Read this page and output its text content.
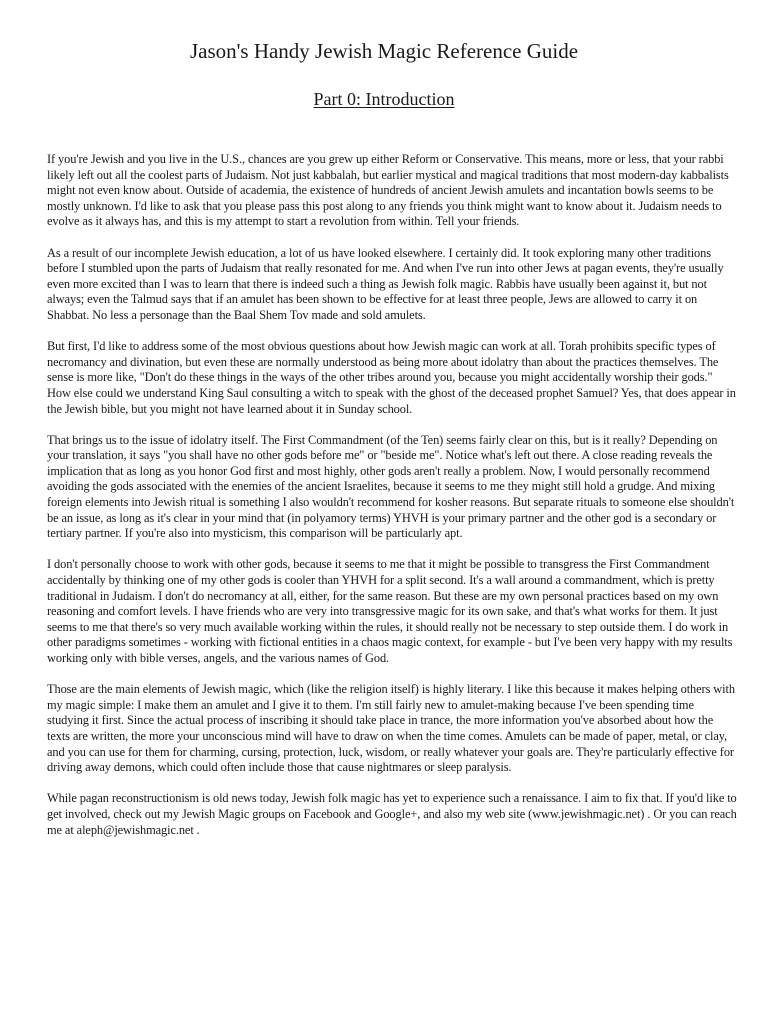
Jason's Handy Jewish Magic Reference Guide
Part 0: Introduction

If you're Jewish and you live in the U.S., chances are you grew up either Reform or Conservative. This means, more or less, that your rabbi likely left out all the coolest parts of Judaism. Not just kabbalah, but earlier mystical and magical traditions that most modern-day kabbalists might not even know about. Outside of academia, the existence of hundreds of ancient Jewish amulets and incantation bowls seems to be mostly unknown. I'd like to ask that you please pass this post along to any friends you think might want to know about it. Judaism needs to evolve as it always has, and this is my attempt to start a revolution from within. Tell your friends.

As a result of our incomplete Jewish education, a lot of us have looked elsewhere. I certainly did. It took exploring many other traditions before I stumbled upon the parts of Judaism that really resonated for me. And when I've run into other Jews at pagan events, they're usually even more excited than I was to learn that there is indeed such a thing as Jewish folk magic. Rabbis have usually been against it, but not always; even the Talmud says that if an amulet has been shown to be effective for at least three people, Jews are allowed to carry it on Shabbat. No less a personage than the Baal Shem Tov made and sold amulets.

But first, I'd like to address some of the most obvious questions about how Jewish magic can work at all. Torah prohibits specific types of necromancy and divination, but even these are normally understood as being more about idolatry than about the practices themselves. The sense is more like, "Don't do these things in the ways of the other tribes around you, because you might accidentally worship their gods." How else could we understand King Saul consulting a witch to speak with the ghost of the deceased prophet Samuel? Yes, that does appear in the Jewish bible, but you might not have learned about it in Sunday school.

That brings us to the issue of idolatry itself. The First Commandment (of the Ten) seems fairly clear on this, but is it really? Depending on your translation, it says "you shall have no other gods before me" or "beside me". Notice what's left out there. A close reading reveals the implication that as long as you honor God first and most highly, other gods aren't really a problem. Now, I would personally recommend avoiding the gods associated with the enemies of the ancient Israelites, because it seems to me they might still hold a grudge. And mixing foreign elements into Jewish ritual is something I also wouldn't recommend for kosher reasons. But separate rituals to someone else shouldn't be an issue, as long as it's clear in your mind that (in polyamory terms) YHVH is your primary partner and the other god is a secondary or tertiary partner. If you're also into mysticism, this comparison will be particularly apt.

I don't personally choose to work with other gods, because it seems to me that it might be possible to transgress the First Commandment accidentally by thinking one of my other gods is cooler than YHVH for a split second. It's a wall around a commandment, which is pretty traditional in Judaism. I don't do necromancy at all, either, for the same reason. But these are my own personal practices based on my own reasoning and comfort levels. I have friends who are very into transgressive magic for its own sake, and that's what works for them. It just seems to me that there's so very much available working within the rules, it should really not be necessary to step outside them. I do work in other paradigms sometimes - working with fictional entities in a chaos magic context, for example - but I've been very happy with my results working only with bible verses, angels, and the various names of God.

Those are the main elements of Jewish magic, which (like the religion itself) is highly literary. I like this because it makes helping others with my magic simple: I make them an amulet and I give it to them. I'm still fairly new to amulet-making because I've been spending time studying it first. Since the actual process of inscribing it should take place in trance, the more information you've absorbed about how the texts are written, the more your unconscious mind will have to draw on when the time comes. Amulets can be made of paper, metal, or clay, and you can use for them for charming, cursing, protection, luck, wisdom, or really whatever your goals are. They're particularly effective for driving away demons, which could often include those that cause nightmares or sleep paralysis.

While pagan reconstructionism is old news today, Jewish folk magic has yet to experience such a renaissance. I aim to fix that. If you'd like to get involved, check out my Jewish Magic groups on Facebook and Google+, and also my web site (www.jewishmagic.net) . Or you can reach me at aleph@jewishmagic.net .
